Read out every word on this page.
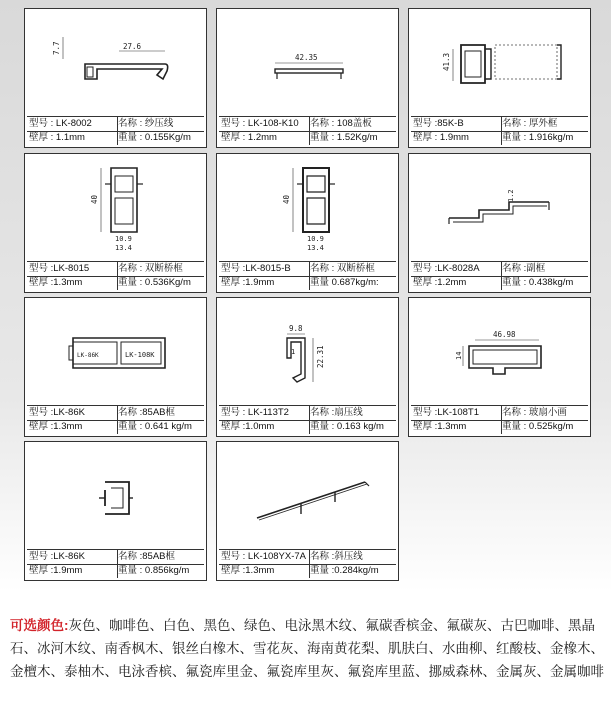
27.6
7.7
型号 : LK-8002	名称 : 纱压线
壁厚 : 1.1mm	重量 : 0.155Kg/m
42.35
型号 : LK-108-K10	名称 : 108盖板
壁厚 : 1.2mm	重量 : 1.52Kg/m
41.3
型号 :85K-B	名称 : 厚外框
壁厚 : 1.9mm	重量 : 1.916kg/m
40
10.9
13.4
型号 :LK-8015	名称 : 双断桥框
壁厚 :1.3mm	重量 : 0.536Kg/m
40
10.9
13.4
型号 :LK-8015-B	名称 : 双断桥框
壁厚 :1.9mm	重量 0.687kg/m:
1.2
型号 :LK-8028A	名称 :副框
壁厚 :1.2mm	重量 : 0.438kg/m
LK-86K	LK-108K
型号 :LK-86K	名称 :85AB框
壁厚 :1.3mm	重量 : 0.641 kg/m
9.8
22.31
1
型号 : LK-113T2	名称 :扇压线
壁厚 :1.0mm	重量 : 0.163 kg/m
46.98
14
型号 :LK-108T1	名称 : 玻扇小画
壁厚 :1.3mm	重量 : 0.525kg/m
型号 :LK-86K	名称 :85AB框
壁厚 :1.9mm	重量 : 0.856kg/m
型号 : LK-108YX-7A 名称 :斜压线
壁厚 :1.3mm	重量 :0.284kg/m
可选颜色:灰色、咖啡色、白色、黑色、绿色、电泳黑木纹、氟碳香槟金、氟碳灰、古巴咖啡、黑晶石、冰河木纹、南香枫木、银丝白橡木、雪花灰、海南黄花梨、肌肤白、水曲柳、红酸枝、金橡木、金檀木、泰柚木、电泳香槟、氟瓷库里金、氟瓷库里灰、氟瓷库里蓝、挪威森林、金属灰、金属咖啡
